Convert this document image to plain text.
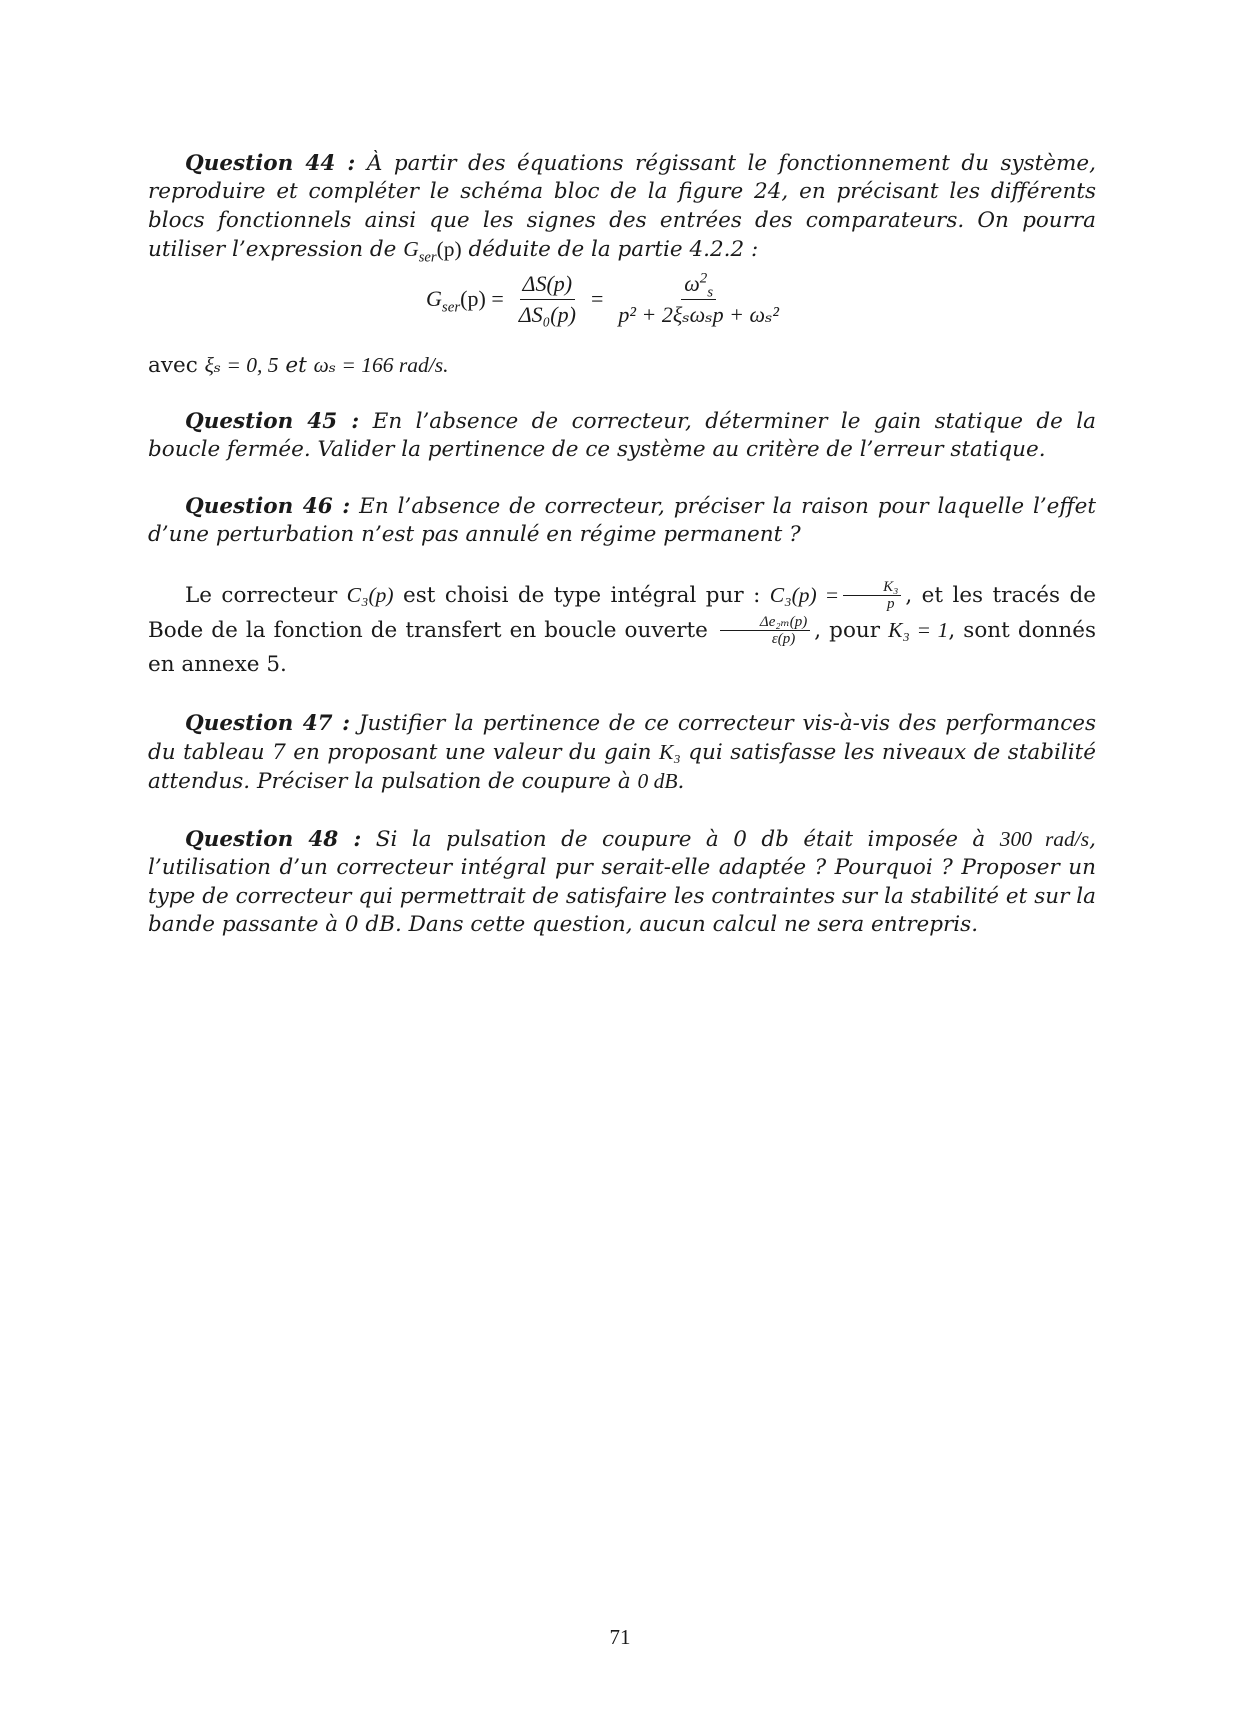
Question 44 : À partir des équations régissant le fonctionnement du système, reproduire et compléter le schéma bloc de la figure 24, en précisant les différents blocs fonctionnels ainsi que les signes des entrées des comparateurs. On pourra utiliser l’expression de $G_{ser}(p)$ déduite de la partie 4.2.2 :

$G_{ser}(p) = \frac{\Delta S(p)}{\text{ΔS₀(p)}} = \frac{\omega^2_s}{\text{p² + 2ξₛωₛp + ωₛ²}}$

avec ξₛ = 0, 5 et ωₛ = 166 rad/s.

Question 45 : En l’absence de correcteur, déterminer le gain statique de la boucle fermée. Valider la pertinence de ce système au critère de l’erreur statique.

Question 46 : En l’absence de correcteur, préciser la raison pour laquelle l’effet d’une perturbation n’est pas annulé en régime permanent ?

Le correcteur C₃(p) est choisi de type intégral pur : $C_3(p) = \frac{\text{K₃}}{p}$ , et les tracés de Bode de la fonction de transfert en boucle ouverte $\frac{\text{Δe₂ₘ(p)}}{\varepsilon(p)}$ , pour K₃ = 1, sont donnés en annexe 5.

Question 47 : Justifier la pertinence de ce correcteur vis-à-vis des performances du tableau 7 en proposant une valeur du gain K₃ qui satisfasse les niveaux de stabilité attendus. Préciser la pulsation de coupure à 0 dB.

Question 48 : Si la pulsation de coupure à 0 db était imposée à 300 rad/s, l’utilisation d’un correcteur intégral pur serait-elle adaptée ? Pourquoi ? Proposer un type de correcteur qui permettrait de satisfaire les contraintes sur la stabilité et sur la bande passante à 0 dB. Dans cette question, aucun calcul ne sera entrepris.

71
